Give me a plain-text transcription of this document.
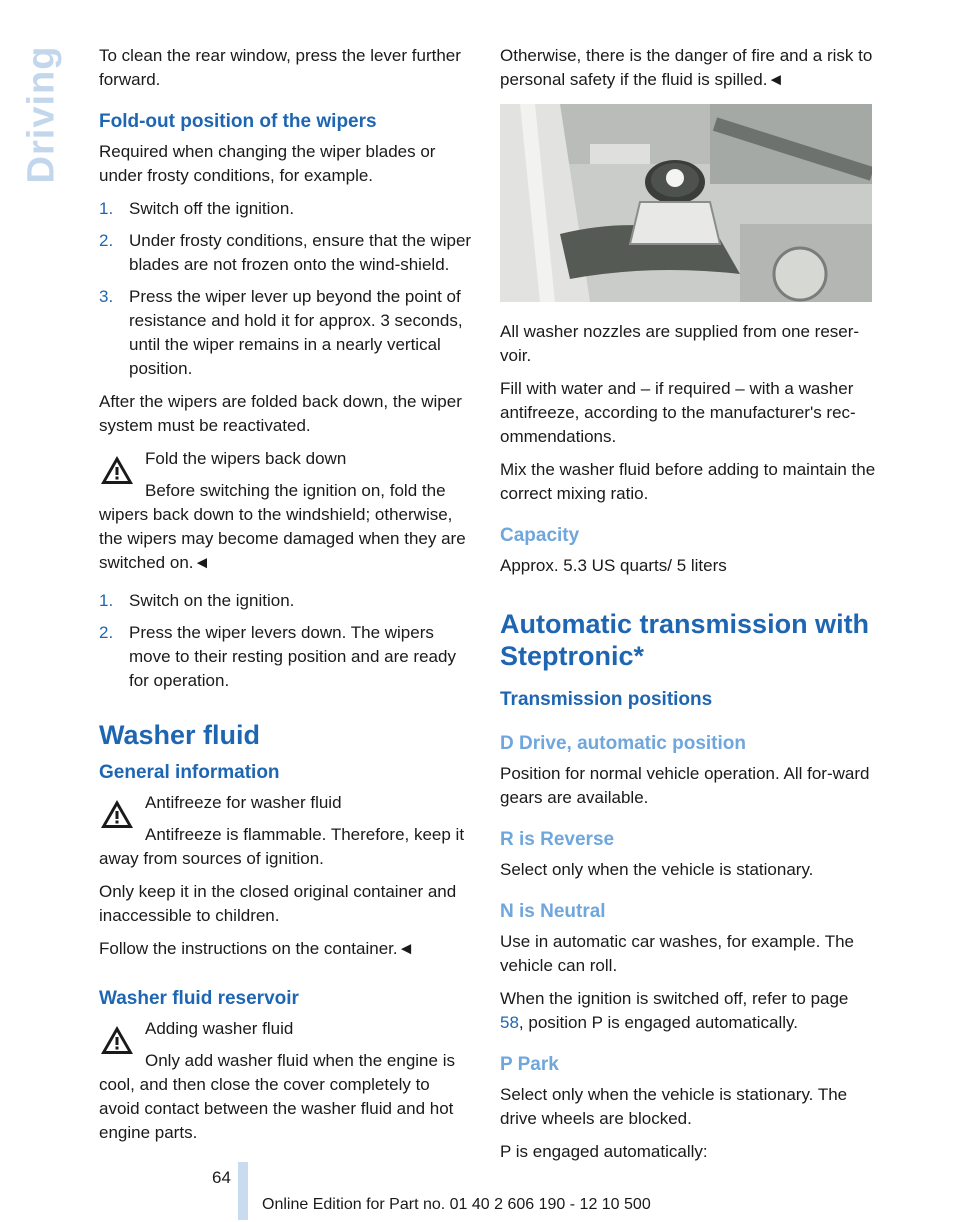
Driving To clean the rear window, press the lever further forward.

Fold-out position of the wipers

Required when changing the wiper blades or under frosty conditions, for example.

1. Switch off the ignition.
2. Under frosty conditions, ensure that the wiper blades are not frozen onto the wind-shield.
3. Press the wiper lever up beyond the point of resistance and hold it for approx. 3 seconds, until the wiper remains in a nearly vertical position.

After the wipers are folded back down, the wiper system must be reactivated.

Fold the wipers back down
Before switching the ignition on, fold the wipers back down to the windshield; otherwise, the wipers may become damaged when they are switched on.◄
1. Switch on the ignition.
2. Press the wiper levers down. The wipers move to their resting position and are ready for operation.
Washer fluid
General information
Antifreeze for washer fluid
Antifreeze is flammable. Therefore, keep it away from sources of ignition.

Only keep it in the closed original container and inaccessible to children.

Follow the instructions on the container.◄

Washer fluid reservoir
Adding washer fluid
Only add washer fluid when the engine is cool, and then close the cover completely to avoid contact between the washer fluid and hot engine parts.

Otherwise, there is the danger of fire and a risk to personal safety if the fluid is spilled.◄

All washer nozzles are supplied from one reser-voir.

Fill with water and – if required – with a washer antifreeze, according to the manufacturer's rec-ommendations.

Mix the washer fluid before adding to maintain the correct mixing ratio.

Capacity

Approx. 5.3 US quarts/ 5 liters

Automatic transmission with Steptronic*
Transmission positions
D Drive, automatic position

Position for normal vehicle operation. All for-ward gears are available.

R is Reverse

Select only when the vehicle is stationary.

N is Neutral

Use in automatic car washes, for example. The vehicle can roll.

When the ignition is switched off, refer to page 58, position P is engaged automatically.

P Park

Select only when the vehicle is stationary. The drive wheels are blocked.

P is engaged automatically:

64
Online Edition for Part no. 01 40 2 606 190 - 12 10 500
